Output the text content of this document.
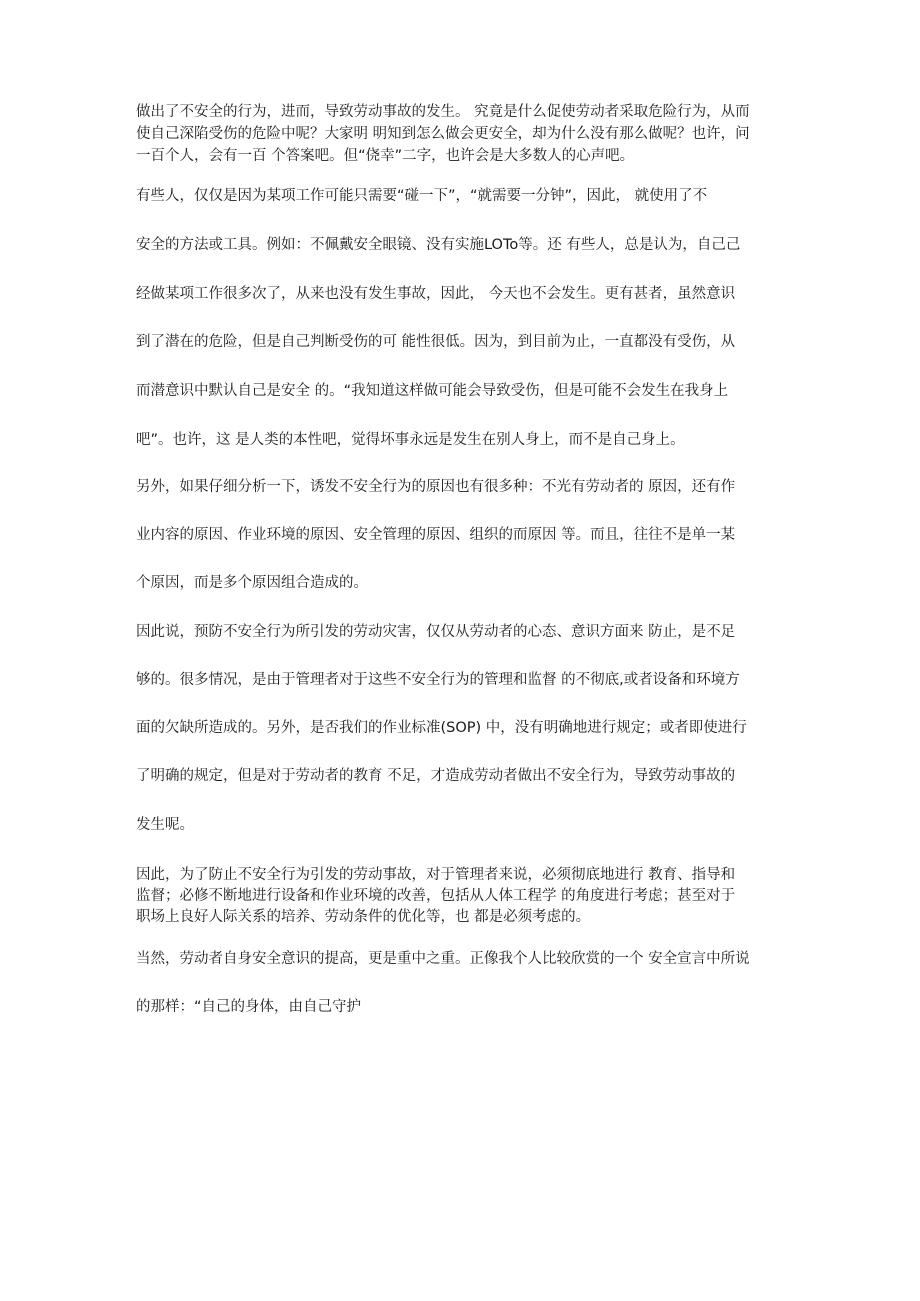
做出了不安全的行为，进而，导致劳动事故的发生。 究竟是什么促使劳动者采取危险行为，从而
使自己深陷受伤的危险中呢？大家明 明知到怎么做会更安全，却为什么没有那么做呢？也许，问
一百个人，会有一百 个答案吧。但“侥幸”二字，也许会是大多数人的心声吧。
有些人，仅仅是因为某项工作可能只需要“碰一下”，“就需要一分钟”，因此， 就使用了不
安全的方法或工具。例如：不佩戴安全眼镜、没有实施LOTo等。还 有些人，总是认为，自己己
经做某项工作很多次了，从来也没有发生事故，因此， 今天也不会发生。更有甚者，虽然意识
到了潜在的危险，但是自己判断受伤的可 能性很低。因为，到目前为止，一直都没有受伤，从
而潜意识中默认自己是安全 的。“我知道这样做可能会导致受伤，但是可能不会发生在我身上
吧”。也许，这 是人类的本性吧，觉得坏事永远是发生在别人身上，而不是自己身上。
另外，如果仔细分析一下，诱发不安全行为的原因也有很多种：不光有劳动者的 原因，还有作
业内容的原因、作业环境的原因、安全管理的原因、组织的而原因 等。而且，往往不是单一某
个原因，而是多个原因组合造成的。
因此说，预防不安全行为所引发的劳动灾害，仅仅从劳动者的心态、意识方面来 防止，是不足
够的。很多情况，是由于管理者对于这些不安全行为的管理和监督 的不彻底,或者设备和环境方
面的欠缺所造成的。另外，是否我们的作业标准(SOP) 中，没有明确地进行规定；或者即使进行
了明确的规定，但是对于劳动者的教育 不足，才造成劳动者做出不安全行为，导致劳动事故的
发生呢。
因此，为了防止不安全行为引发的劳动事故，对于管理者来说，必须彻底地进行 教育、指导和
监督；必修不断地进行设备和作业环境的改善，包括从人体工程学 的角度进行考虑；甚至对于
职场上良好人际关系的培养、劳动条件的优化等，也 都是必须考虑的。
当然，劳动者自身安全意识的提高，更是重中之重。正像我个人比较欣赏的一个 安全宣言中所说
的那样：“自己的身体，由自己守护
